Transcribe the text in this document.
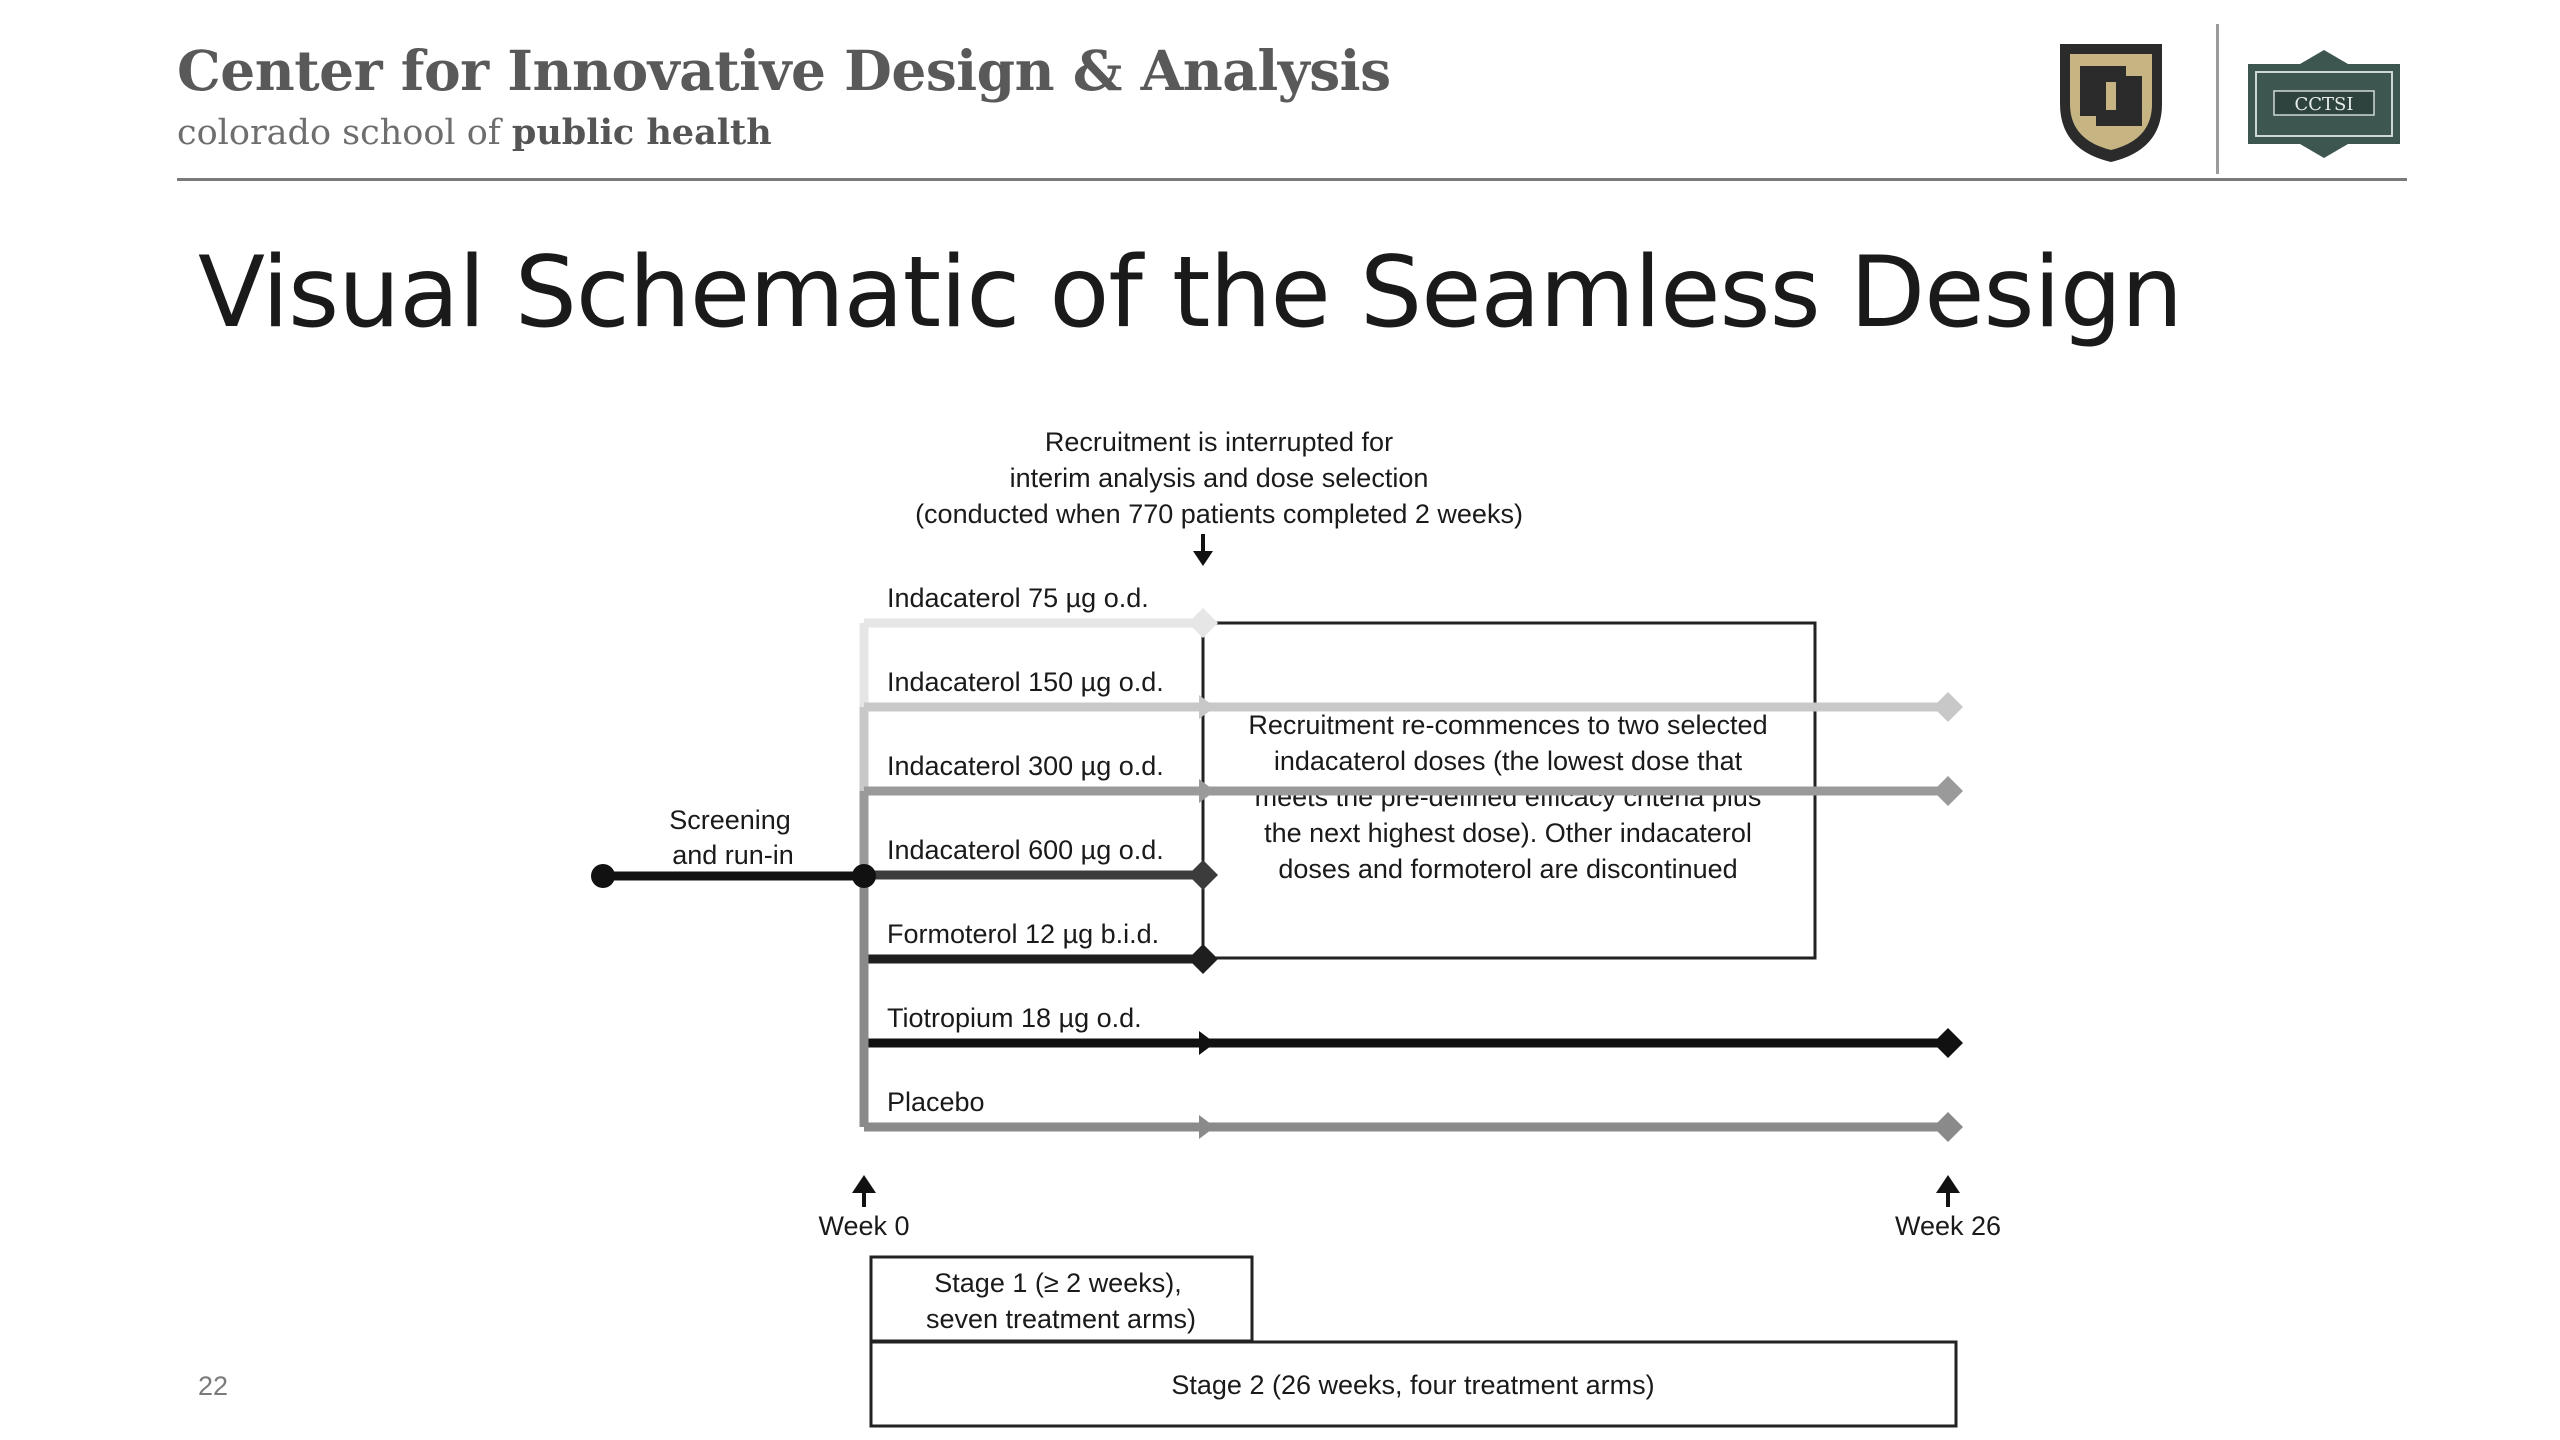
Center for Innovative Design & Analysis
colorado school of public health
CCTSI
Visual Schematic of the Seamless Design
Recruitment is interrupted for
interim analysis and dose selection
(conducted when 770 patients completed 2 weeks)
Recruitment re-commences to two selected
indacaterol doses (the lowest dose that
meets the pre-defined efficacy criteria plus
the next highest dose). Other indacaterol
doses and formoterol are discontinued
Screening
and run-in
Indacaterol 75 µg o.d.
Indacaterol 150 µg o.d.
Indacaterol 300 µg o.d.
Indacaterol 600 µg o.d.
Formoterol 12 µg b.i.d.
Tiotropium 18 µg o.d.
Placebo
Week 0	Week 26
Stage 1 (≥ 2 weeks),
seven treatment arms)
Stage 2 (26 weeks, four treatment arms)
22
